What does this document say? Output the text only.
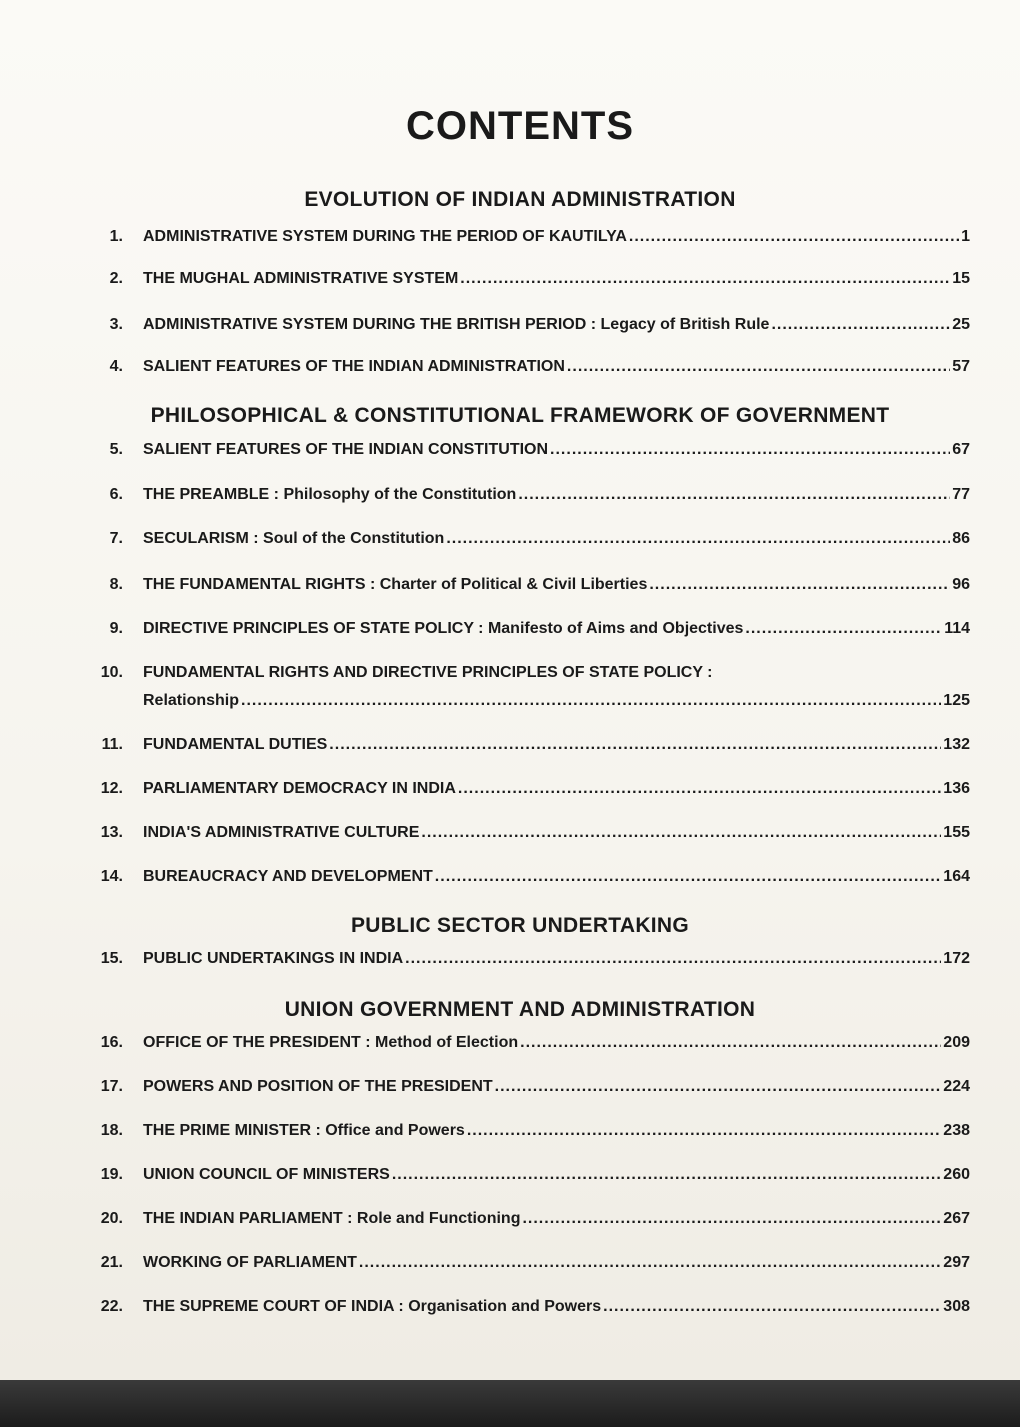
CONTENTS
EVOLUTION OF INDIAN ADMINISTRATION
1. ADMINISTRATIVE SYSTEM DURING THE PERIOD OF KAUTILYA .....	1
2. THE MUGHAL ADMINISTRATIVE SYSTEM .....	15
3. ADMINISTRATIVE SYSTEM DURING THE BRITISH PERIOD :
Legacy of British Rule .....	25
4. SALIENT FEATURES OF THE INDIAN ADMINISTRATION .....	57
PHILOSOPHICAL & CONSTITUTIONAL FRAMEWORK OF GOVERNMENT
5. SALIENT FEATURES OF THE INDIAN CONSTITUTION .....	67
6. THE PREAMBLE :
Philosophy of the Constitution .....	77
7. SECULARISM :
Soul of the Constitution .....	86
8. THE FUNDAMENTAL RIGHTS :
Charter of Political & Civil Liberties .....	96
9. DIRECTIVE PRINCIPLES OF STATE POLICY :
Manifesto of Aims and Objectives .....	114
10. FUNDAMENTAL RIGHTS AND DIRECTIVE PRINCIPLES OF STATE POLICY :
Relationship .....	125
11. FUNDAMENTAL DUTIES .....	132
12. PARLIAMENTARY DEMOCRACY IN INDIA .....	136
13. INDIA'S ADMINISTRATIVE CULTURE .....	155
14. BUREAUCRACY AND DEVELOPMENT .....	164
PUBLIC SECTOR UNDERTAKING
15. PUBLIC UNDERTAKINGS IN INDIA .....	172
UNION GOVERNMENT AND ADMINISTRATION
16. OFFICE OF THE PRESIDENT :
Method of Election .....	209
17. POWERS AND POSITION OF THE PRESIDENT .....	224
18. THE PRIME MINISTER :
Office and Powers .....	238
19. UNION COUNCIL OF MINISTERS .....	260
20. THE INDIAN PARLIAMENT :
Role and Functioning .....	267
21. WORKING OF PARLIAMENT .....	297
22. THE SUPREME COURT OF INDIA :
Organisation and Powers .....	308
